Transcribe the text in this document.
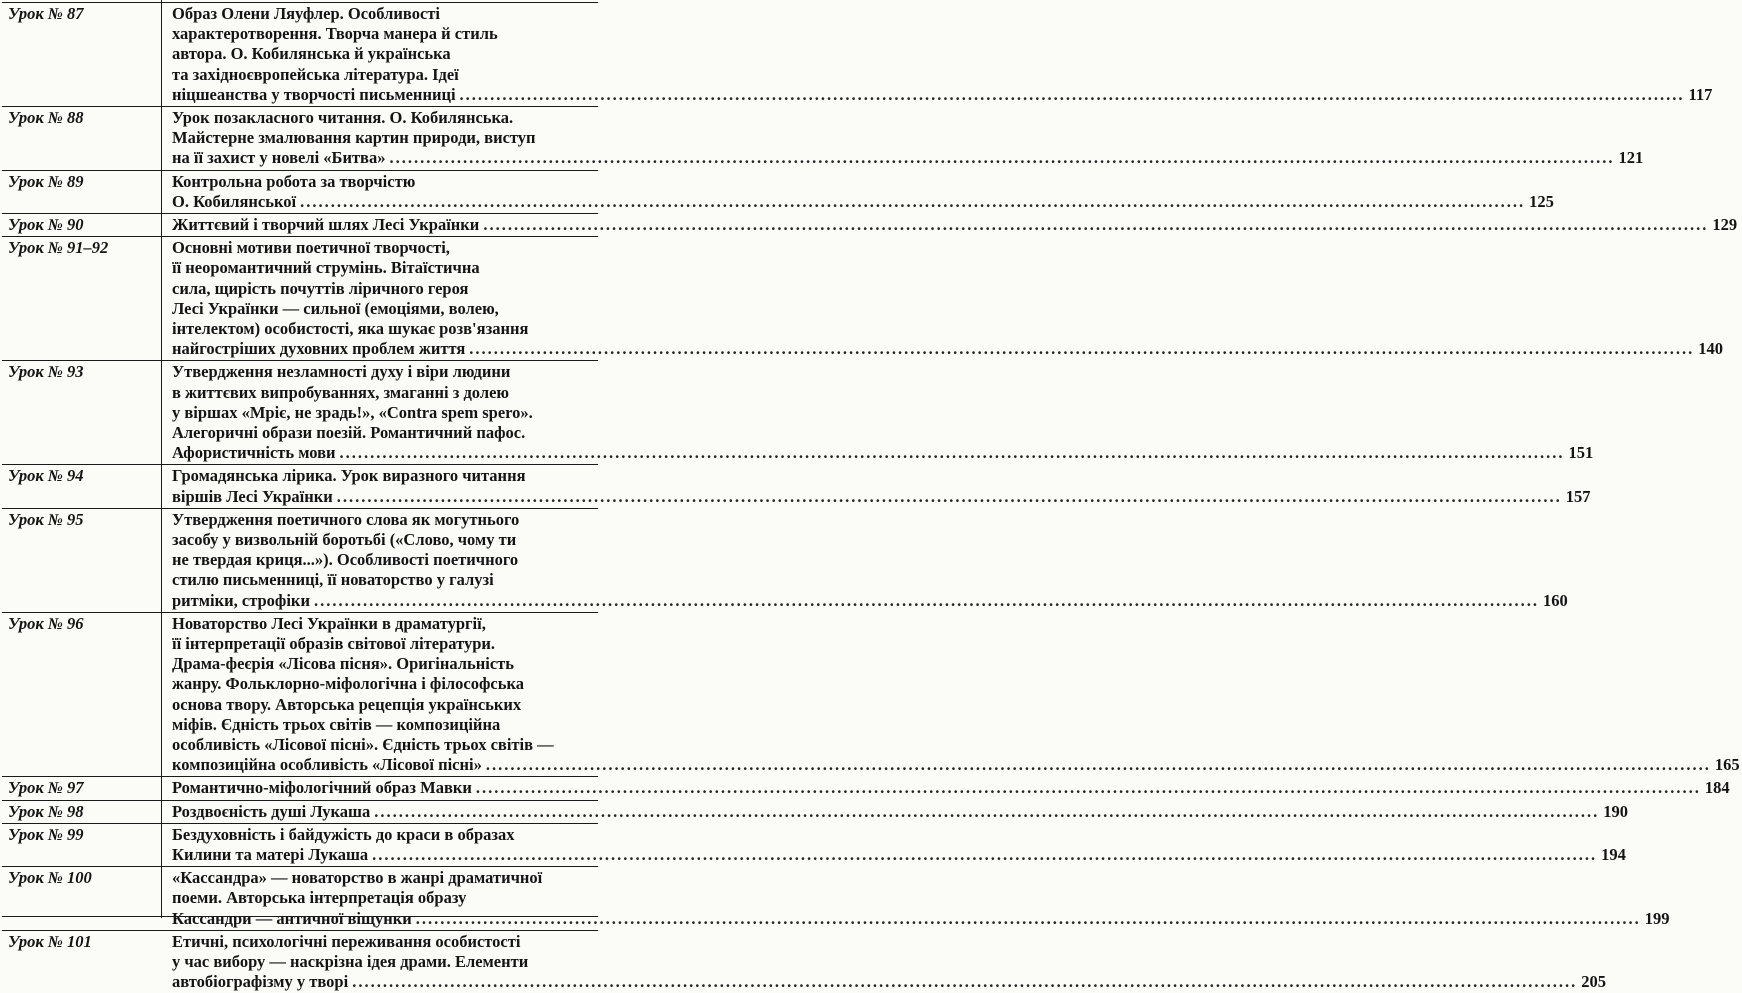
Урок № 87	Образ Олени Ляуфлер. Особливості
характеротворення. Творча манера й стиль
автора. О. Кобилянська й українська
та західноєвропейська література. Ідеї
ніцшеанства у творчості письменниці ........................................................................................................................................................................................................ 117
Урок № 88	Урок позакласного читання. О. Кобилянська.
Майстерне змалювання картин природи, виступ
на її захист у новелі «Битва» ........................................................................................................................................................................................................ 121
Урок № 89	Контрольна робота за творчістю
О. Кобилянської ........................................................................................................................................................................................................ 125
Урок № 90	Життєвий і творчий шлях Лесі Українки ........................................................................................................................................................................................................ 129
Урок № 91–92	Основні мотиви поетичної творчості,
її неоромантичний струмінь. Вітаїстична
сила, щирість почуттів ліричного героя
Лесі Українки — сильної (емоціями, волею,
інтелектом) особистості, яка шукає розв'язання
найгостріших духовних проблем життя ........................................................................................................................................................................................................ 140
Урок № 93	Утвердження незламності духу і віри людини
в життєвих випробуваннях, змаганні з долею
у віршах «Мріє, не зрадь!», «Contra spem spero».
Алегоричні образи поезій. Романтичний пафос.
Афористичність мови ........................................................................................................................................................................................................ 151
Урок № 94	Громадянська лірика. Урок виразного читання
віршів Лесі Українки ........................................................................................................................................................................................................ 157
Урок № 95	Утвердження поетичного слова як могутнього
засобу у визвольній боротьбі («Слово, чому ти
не твердая криця...»). Особливості поетичного
стилю письменниці, її новаторство у галузі
ритміки, строфіки ........................................................................................................................................................................................................ 160
Урок № 96	Новаторство Лесі Українки в драматургії,
її інтерпретації образів світової літератури.
Драма-феєрія «Лісова пісня». Оригінальність
жанру. Фольклорно-міфологічна і філософська
основа твору. Авторська рецепція українських
міфів. Єдність трьох світів — композиційна
особливість «Лісової пісні». Єдність трьох світів —
композиційна особливість «Лісової пісні» ........................................................................................................................................................................................................ 165
Урок № 97	Романтично-міфологічний образ Мавки ........................................................................................................................................................................................................ 184
Урок № 98	Роздвоєність душі Лукаша ........................................................................................................................................................................................................ 190
Урок № 99	Бездуховність і байдужість до краси в образах
Килини та матері Лукаша ........................................................................................................................................................................................................ 194
Урок № 100	«Кассандра» — новаторство в жанрі драматичної
поеми. Авторська інтерпретація образу
Кассандри — античної віщунки ........................................................................................................................................................................................................ 199
Урок № 101	Етичні, психологічні переживання особистості
у час вибору — наскрізна ідея драми. Елементи
автобіографізму у творі ........................................................................................................................................................................................................ 205
